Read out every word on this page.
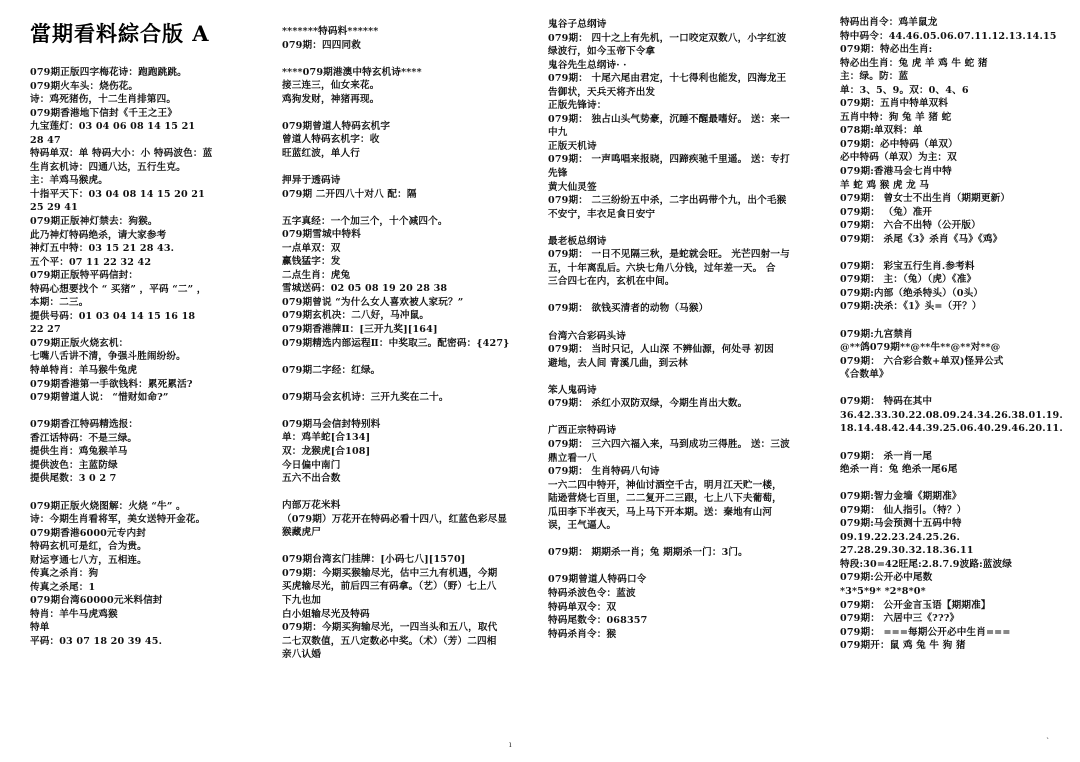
當期看料綜合版 A
079期正版四字梅花诗：跑跑跳跳。
079期火车头：烧伤花。
诗：鸡死猪伤，十二生肖排第四。
079期香港地下信封《千王之王》
九宝莲灯：03 04 06 08 14 15 21
28 47
特码单双：单 特码大小：小 特码波色：蓝
生肖玄机诗：四通八达，五行生克。
主：羊鸡马猴虎。
十指平天下：03 04 08 14 15 20 21
25 29 41
079期正版神灯禁去：狗猴。
此乃神灯特码绝杀，请大家参考
神灯五中特：03 15 21 28 43.
五个平：07 11 22 32 42
079期正版特平码信封：
特码心想要找个 “ 买猪” ，平码 “二” ，
本期：二三。
提供号码：01 03 04 14 15 16 18
22 27
079期正版火烧玄机：
七嘴八舌讲不清，争强斗胜闹纷纷。
特单特肖：羊马猴牛兔虎
079期香港第一手欲钱料：累死累活?
079期曾道人说： “惜财如命?”
079期香江特码精选报：
香江话特码：不是三绿。
提供生肖：鸡兔猴羊马
提供波色：主蓝防绿
提供尾数：3 0 2 7
079期正版火烧图解：火烧 “牛” 。
诗：今期生肖看将军，美女送特开金花。
079期香港6000元专内封
特码玄机可是红，合为贵。
财运亨通七八方，五相连。
传真之杀肖：狗
传真之杀尾：1
079期台湾60000元米料信封
特肖：羊牛马虎鸡猴
特单
平码：03 07 18 20 39 45.
*******特码料******
079期：四四同救
****079期港澳中特玄机诗****
接三连三，仙女来花。
鸡狗发财，神猪再现。
079期曾道人特码玄机字
曾道人特码玄机字：收
旺蓝红波，单人行
押异于透码诗
079期 二开四八十对八 配：隔
五字真经：一个加三个，十个减四个。
079期雪城中特料
一点单双：双
赢钱猛字：发
二点生肖：虎兔
雪城送码：02 05 08 19 20 28 38
079期曾说 “为什么女人喜欢被人家玩？”
079期玄机决：二八好，马冲鼠。
079期香港牌Ⅱ：[三开九奖][164]
079期精选内部运程Ⅱ：中奖取三。配密码：{427}
079期二字经：红绿。
079期马会玄机诗：三开九奖在二十。
079期马会信封特别料
单：鸡羊蛇[合134]
双：龙猴虎[合108]
今日偏中南门
五六不出合数
内部万花米料
（079期）万花开在特码必看十四八，红蓝色彩尽显
猴藏虎尸
079期台湾玄门挂牌：[小码七八][1570]
079期：今期买猴输尽光，估中三九有机遇，今期
买虎输尽光，前后四三有码拿。（艺）（野）七上八
下九也加
白小姐输尽光及特码
079期：今期买狗输尽光，一四当头和五八，取代
二七双数值，五八定数必中奖。（术）（芳）二四相
亲八认婚
鬼谷子总纲诗
079期： 四十之上有先机，一口咬定双数八，小字红波
绿波行，如今玉帝下令拿
鬼谷先生总纲诗· ·
079期： 十尾六尾由君定，十七得利也能发，四海龙王
告御状，天兵天将齐出发
正版先锋诗：
079期： 独占山头气势豪，沉睡不醒最嗜好。 送：来一
中九
正版天机诗
079期： 一声鸣唱来报晓，四蹄疾驰千里遥。 送：专打
先锋
黄大仙灵签
079期： 二三纷纷五中杀，二字出码带个九，出个毛猴
不安宁，丰衣足食日安宁
最老板总纲诗
079期： 一日不见隔三秋，是蛇就会旺。 光芒四射一与
五，十年离乱后。六块七角八分钱，过年差一天。 合
三合四七在内，玄机在中间。
079期： 欲钱买清者的动物（马猴）
台湾六合彩码头诗
079期： 当时只记，人山深 不辨仙源，何处寻 初因
避地，去人间 青溪几曲，到云林
笨人鬼码诗
079期： 杀红小双防双绿，今期生肖出大数。
广西正宗特码诗
079期： 三六四六福入来，马到成功三得胜。 送：三波
鼎立看一八
079期： 生肖特码八句诗
一六二四中特开，神仙讨酒空千古，明月江天贮一楼，
陆逊营烧七百里，二二复开二三跟，七上八下夫葡萄，
瓜田李下半夜天，马上马下开本期。送：秦地有山河
误，王气逼人。
079期： 期期杀一肖；兔 期期杀一门：3门。
079期曾道人特码口令
特码杀波色令：蓝波
特码单双令：双
特码尾数令：068357
特码杀肖令：猴
特码出肖令：鸡羊鼠龙
特中码令：44.46.05.06.07.11.12.13.14.15
079期：特必出生肖:
特必出生肖：兔 虎 羊 鸡 牛 蛇 猪
主：绿。防：蓝
单：3、5、9。双：0、4、6
079期：五肖中特单双料
五肖中特：狗 兔 羊 猪 蛇
078期:单双料：单
079期：必中特码（单双）
必中特码（单双）为主：双
079期:香港马会七肖中特
羊 蛇 鸡 猴 虎 龙 马
079期： 曾女士不出生肖（期期更新）
079期： （兔）准开
079期： 六合不出特（公开版）
079期： 杀尾《3》杀肖《马》《鸡》
079期： 彩宝五行生肖.参考料
079期： 主：（兔）（虎）《准》
079期:内部（绝杀特头）（0头）
079期:决杀：《1》头=（开？）
079期:九宫禁肖
@**鸽079期**@**牛**@**对**@
079期： 六合彩合数+单双)怪异公式
《合数单》
079期： 特码在其中
36.42.33.30.22.08.09.24.34.26.38.01.19.
18.14.48.42.44.39.25.06.40.29.46.20.11.
079期： 杀一肖一尾
绝杀一肖：兔 绝杀一尾6尾
079期:智力金墙《期期准》
079期： 仙人指引。（特？）
079期:马会预测十五码中特
09.19.22.23.24.25.26.
27.28.29.30.32.18.36.11
特段:30=42旺尾:2.8.7.9波路:蓝波绿
079期:公开必中尾数
*3*5*9* *2*8*0*
079期： 公开金言玉语【期期准】
079期： 六居中三《???》
079期： ===每期公开必中生肖===
079期开：鼠 鸡 兔 牛 狗 猪
ı	`
